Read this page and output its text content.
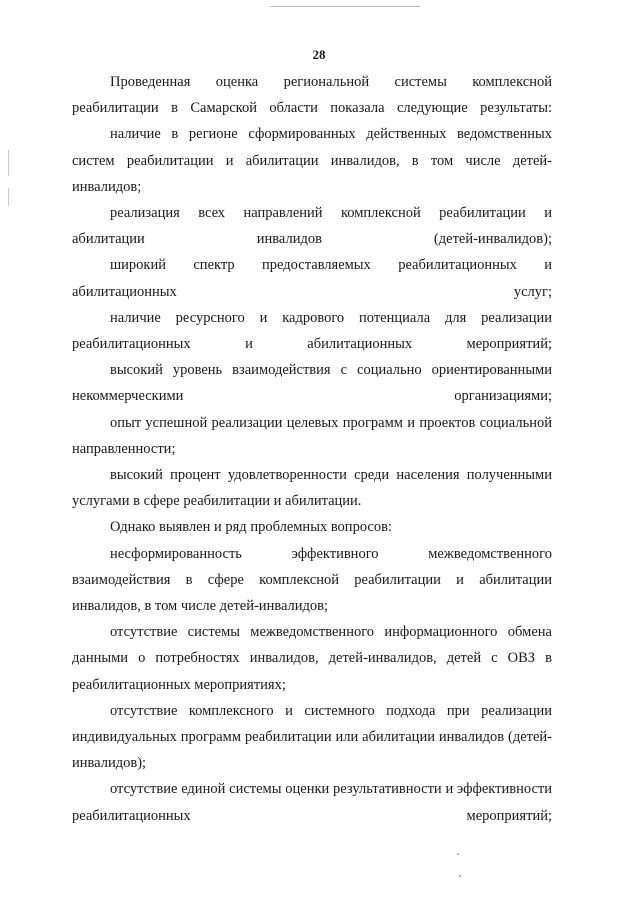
28

Проведенная оценка региональной системы комплексной реабилитации в Самарской области показала следующие результаты:

наличие в регионе сформированных действенных ведомственных систем реабилитации и абилитации инвалидов, в том числе детей-инвалидов;

реализация всех направлений комплексной реабилитации и абилитации инвалидов (детей-инвалидов);

широкий спектр предоставляемых реабилитационных и абилитационных услуг;

наличие ресурсного и кадрового потенциала для реализации реабилитационных и абилитационных мероприятий;

высокий уровень взаимодействия с социально ориентированными некоммерческими организациями;

опыт успешной реализации целевых программ и проектов социальной направленности;

высокий процент удовлетворенности среди населения полученными услугами в сфере реабилитации и абилитации.

Однако выявлен и ряд проблемных вопросов:

несформированность эффективного межведомственного взаимодействия в сфере комплексной реабилитации и абилитации инвалидов, в том числе детей-инвалидов;

отсутствие системы межведомственного информационного обмена данными о потребностях инвалидов, детей-инвалидов, детей с ОВЗ в реабилитационных мероприятиях;

отсутствие комплексного и системного подхода при реализации индивидуальных программ реабилитации или абилитации инвалидов (детей-инвалидов);

отсутствие единой системы оценки результативности и эффективности реабилитационных мероприятий;
